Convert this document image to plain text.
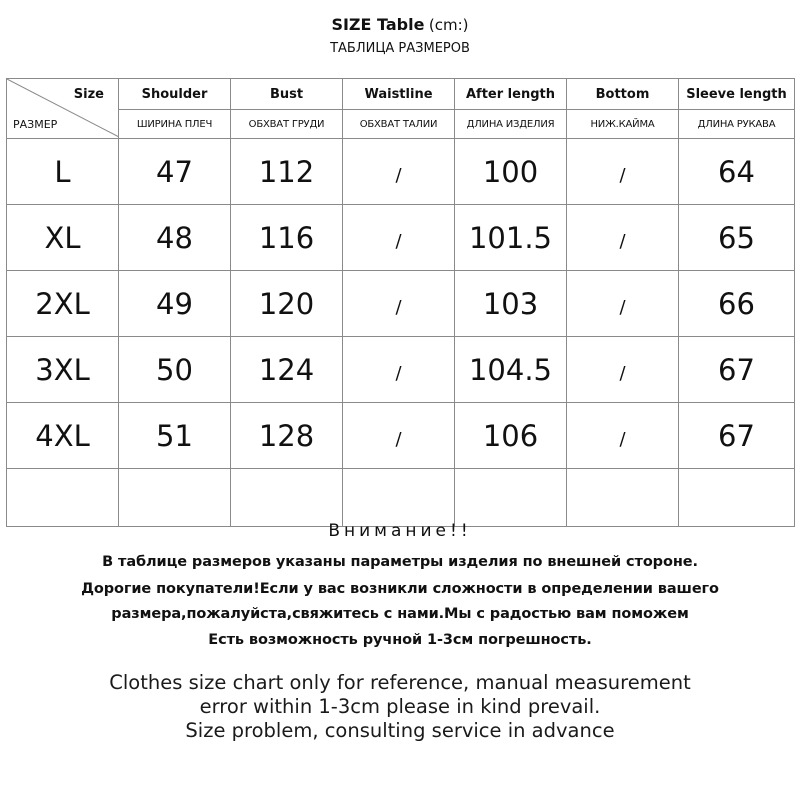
SIZE Table (cm:)
ТАБЛИЦА РАЗМЕРОВ
Size
РАЗМЕР	Shoulder	Bust	Waistline	After length	Bottom	Sleeve length
	ШИРИНА ПЛЕЧ	ОБХВАТ ГРУДИ	ОБХВАТ ТАЛИИ	ДЛИНА ИЗДЕЛИЯ	НИЖ.КАЙМА	ДЛИНА РУКАВА
L	47	112	/	100	/	64
XL	48	116	/	101.5	/	65
2XL	49	120	/	103	/	66
3XL	50	124	/	104.5	/	67
4XL	51	128	/	106	/	67

Внимание!!
В таблице размеров указаны параметры изделия по внешней стороне.
Дорогие покупатели!Если у вас возникли сложности в определении вашего
размера,пожалуйста,свяжитесь с нами.Мы с радостью вам поможем
Есть возможность ручной 1-3см погрешность.
Clothes size chart only for reference, manual measurement
error within 1-3cm please in kind prevail.
Size problem, consulting service in advance
